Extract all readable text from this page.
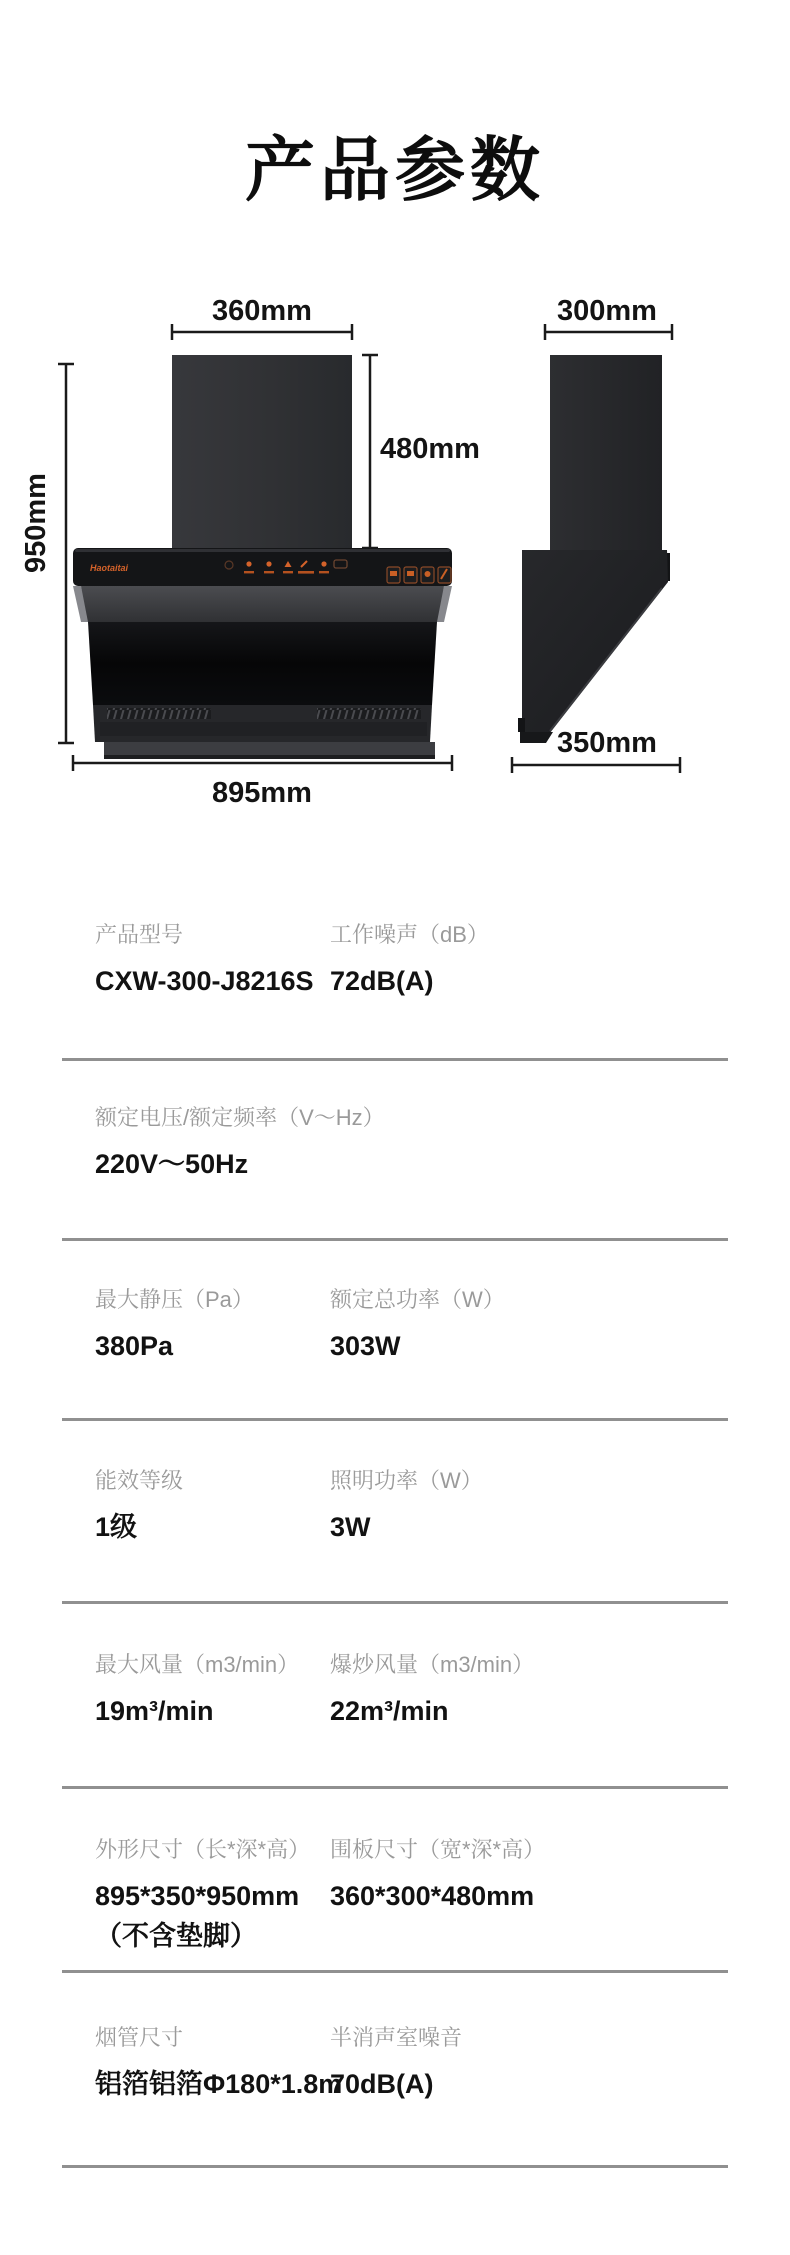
产品参数
360mm
480mm
950mm	Haotaitai
895mm
300mm
350mm
产品型号
CXW-300-J8216S
工作噪声（dB）
72dB(A)
额定电压/额定频率（V～Hz）
220V～50Hz
最大静压（Pa）
380Pa
额定总功率（W）
303W
能效等级
1级
照明功率（W）
3W
最大风量（m3/min）
19m³/min
爆炒风量（m3/min）
22m³/min
外形尺寸（长*深*高）
895*350*950mm
（不含垫脚）
围板尺寸（宽*深*高）
360*300*480mm
烟管尺寸
铝箔铝箔Φ180*1.8m
半消声室噪音
70dB(A)
